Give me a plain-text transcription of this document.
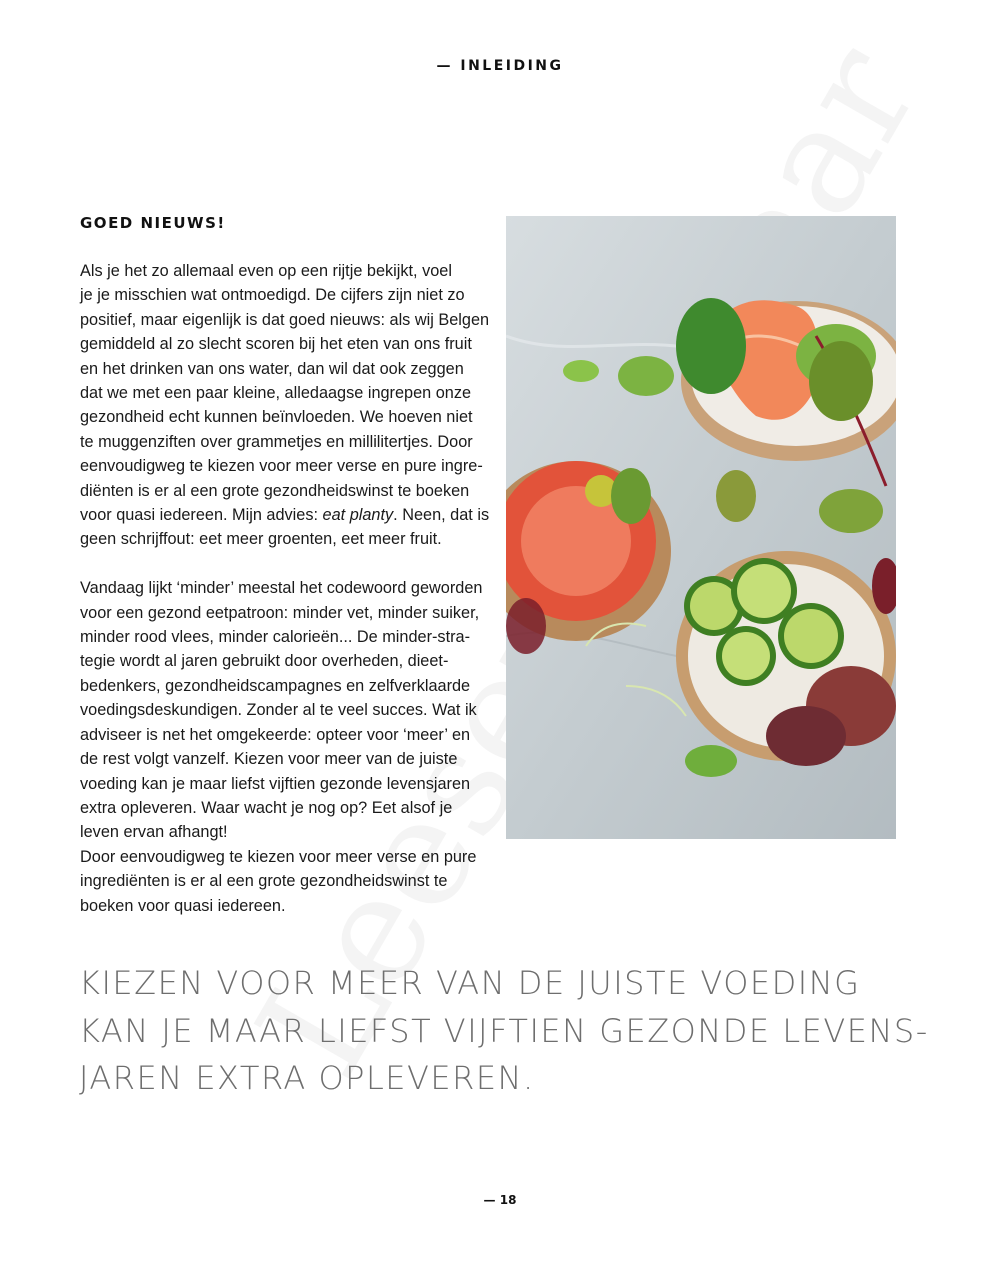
— INLEIDING
GOED NIEUWS!
Als je het zo allemaal even op een rijtje bekijkt, voel
je je misschien wat ontmoedigd. De cijfers zijn niet zo
positief, maar eigenlijk is dat goed nieuws: als wij Belgen
gemiddeld al zo slecht scoren bij het eten van ons fruit
en het drinken van ons water, dan wil dat ook zeggen
dat we met een paar kleine, alledaagse ingrepen onze
gezondheid echt kunnen beïnvloeden. We hoeven niet
te muggenziften over grammetjes en millilitertjes. Door
eenvoudigweg te kiezen voor meer verse en pure ingre-
diënten is er al een grote gezondheidswinst te boeken
voor quasi iedereen. Mijn advies: eat planty. Neen, dat is
geen schrijffout: eet meer groenten, eet meer fruit.
Vandaag lijkt ‘minder’ meestal het codewoord geworden
voor een gezond eetpatroon: minder vet, minder suiker,
minder rood vlees, minder calorieën... De minder-stra-
tegie wordt al jaren gebruikt door overheden, dieet-
bedenkers, gezondheidscampagnes en zelfverklaarde
voedingsdeskundigen. Zonder al te veel succes. Wat ik
adviseer is net het omgekeerde: opteer voor ‘meer’ en
de rest volgt vanzelf. Kiezen voor meer van de juiste
voeding kan je maar liefst vijftien gezonde levensjaren
extra opleveren. Waar wacht je nog op? Eet alsof je
leven ervan afhangt!
Door eenvoudigweg te kiezen voor meer verse en pure
ingrediënten is er al een grote gezondheidswinst te
boeken voor quasi iedereen.
KIEZEN VOOR MEER VAN DE JUISTE VOEDING
KAN JE MAAR LIEFST VIJFTIEN GEZONDE LEVENS-
JAREN EXTRA OPLEVEREN.
— 18
